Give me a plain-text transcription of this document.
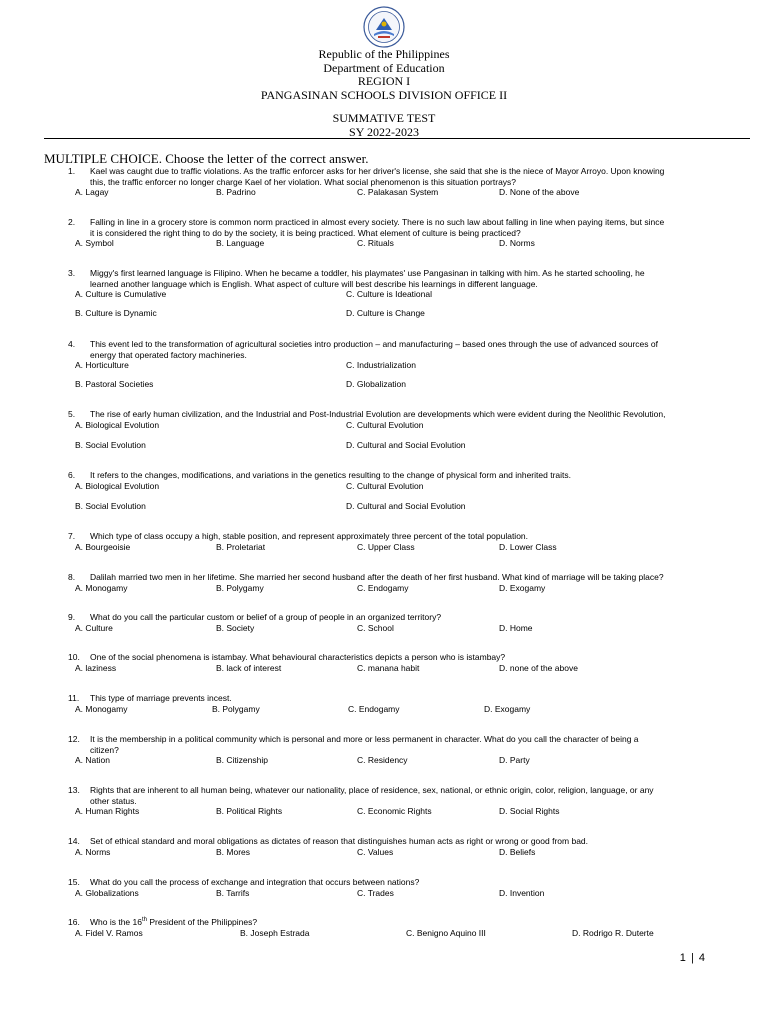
Republic of the Philippines
Department of Education
REGION I
PANGASINAN SCHOOLS DIVISION OFFICE II
SUMMATIVE TEST
SY 2022-2023
MULTIPLE CHOICE. Choose the letter of the correct answer.
1. Kael was caught due to traffic violations. As the traffic enforcer asks for her driver's license, she said that she is the niece of Mayor Arroyo. Upon knowing
this, the traffic enforcer no longer charge Kael of her violation. What social phenomenon is this situation portrays?
A. Lagay	B. Padrino	C. Palakasan System	D. None of the above
2. Falling in line in a grocery store is common norm practiced in almost every society. There is no such law about falling in line when paying items, but since
it is considered the right thing to do by the society, it is being practiced. What element of culture is being practiced?
A. Symbol	B. Language	C. Rituals	D. Norms
3. Miggy's first learned language is Filipino. When he became a toddler, his playmates' use Pangasinan in talking with him. As he started schooling, he
learned another language which is English. What aspect of culture will best describe his learnings in different language.
A. Culture is Cumulative	C. Culture is Ideational
B. Culture is Dynamic	D. Culture is Change
4. This event led to the transformation of agricultural societies intro production – and manufacturing – based ones through the use of advanced sources of
energy that operated factory machineries.
A. Horticulture	C. Industrialization
B. Pastoral Societies	D. Globalization
5. The rise of early human civilization, and the Industrial and Post-Industrial Evolution are developments which were evident during the Neolithic Revolution,
A. Biological Evolution	C. Cultural Evolution
B. Social Evolution	D. Cultural and Social Evolution
6. It refers to the changes, modifications, and variations in the genetics resulting to the change of physical form and inherited traits.
A. Biological Evolution	C. Cultural Evolution
B. Social Evolution	D. Cultural and Social Evolution
7. Which type of class occupy a high, stable position, and represent approximately three percent of the total population.
A. Bourgeoisie	B. Proletariat	C. Upper Class	D. Lower Class
8. Dalilah married two men in her lifetime. She married her second husband after the death of her first husband. What kind of marriage will be taking place?
A. Monogamy	B. Polygamy	C. Endogamy	D. Exogamy
9. What do you call the particular custom or belief of a group of people in an organized territory?
A. Culture	B. Society	C. School	D. Home
10. One of the social phenomena is istambay. What behavioural characteristics depicts a person who is istambay?
A. laziness	B. lack of interest	C. manana habit	D. none of the above
11. This type of marriage prevents incest.
A. Monogamy	B. Polygamy	C. Endogamy	D. Exogamy
12. It is the membership in a political community which is personal and more or less permanent in character. What do you call the character of being a
citizen?
A. Nation	B. Citizenship	C. Residency	D. Party
13. Rights that are inherent to all human being, whatever our nationality, place of residence, sex, national, or ethnic origin, color, religion, language, or any
other status.
A. Human Rights	B. Political Rights	C. Economic Rights	D. Social Rights
14. Set of ethical standard and moral obligations as dictates of reason that distinguishes human acts as right or wrong or good from bad.
A. Norms	B. Mores	C. Values	D. Beliefs
15. What do you call the process of exchange and integration that occurs between nations?
A. Globalizations	B. Tarrifs	C. Trades	D. Invention
16. Who is the 16th President of the Philippines?
A. Fidel V. Ramos	B. Joseph Estrada	C. Benigno Aquino III	D. Rodrigo R. Duterte
1 | 4
